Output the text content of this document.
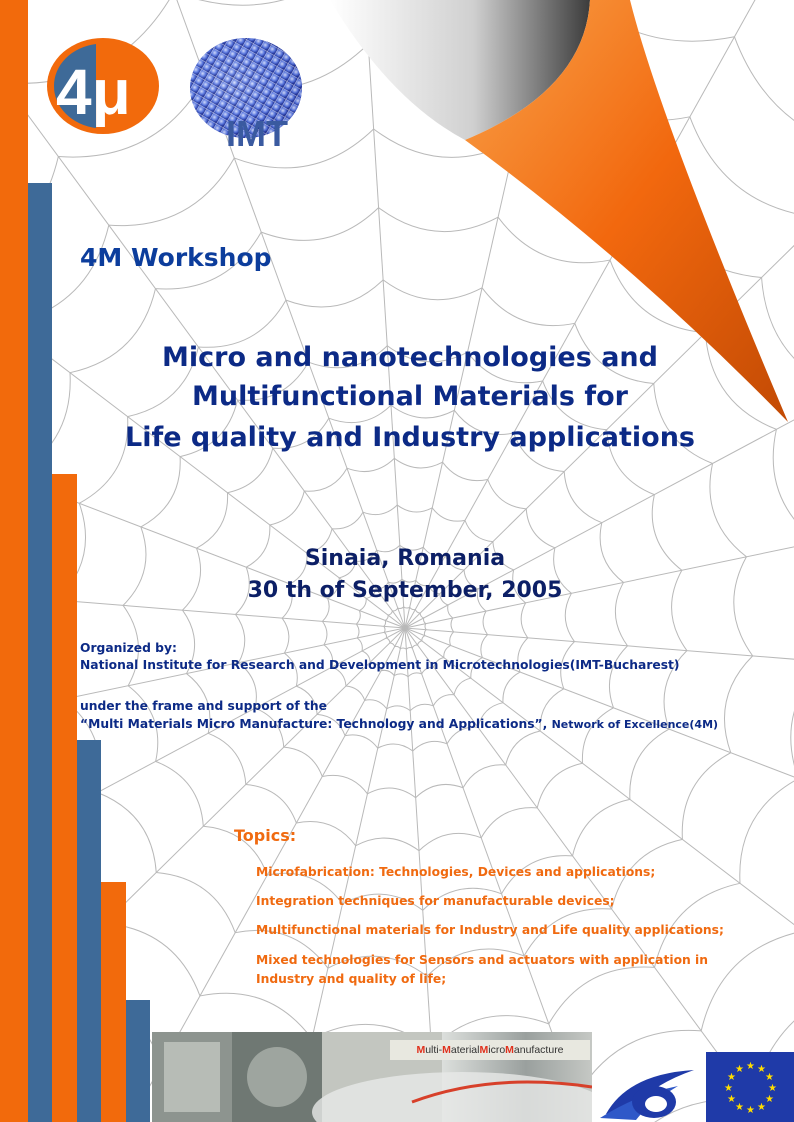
4μ
IMT
4M Workshop
Micro and nanotechnologies and
Multifunctional Materials for
Life quality and Industry applications
Sinaia, Romania
30 th of September, 2005
Organized by:
National Institute for Research and Development in Microtechnologies(IMT-Bucharest)
under the frame and support of the
“Multi Materials Micro Manufacture: Technology and Applications”, Network of Excellence(4M)
Topics:
Microfabrication: Technologies, Devices and applications;
Integration techniques for manufacturable devices;
Multifunctional materials for Industry and Life quality applications;
Mixed technologies for Sensors and actuators with application in
Industry and quality of life;
Multi-MaterialMicroManufacture
★
★
★
★
★
★
★
★
★ ★ ★
★
